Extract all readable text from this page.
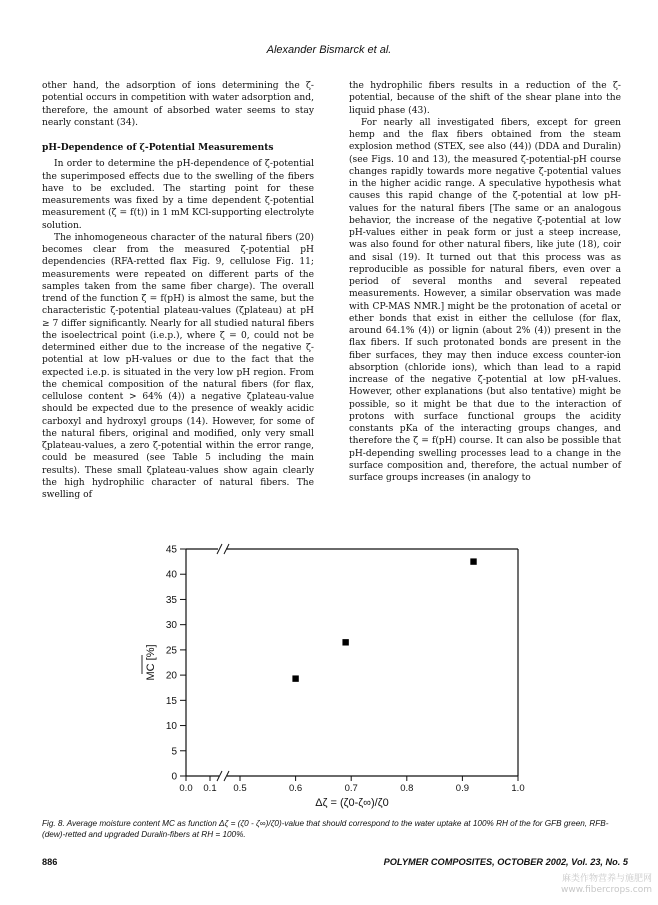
Alexander Bismarck et al.

other hand, the adsorption of ions determining the ζ-potential occurs in competition with water adsorption and, therefore, the amount of absorbed water seems to stay nearly constant (34).

pH-Dependence of ζ-Potential Measurements

In order to determine the pH-dependence of ζ-potential the superimposed effects due to the swelling of the fibers have to be excluded. The starting point for these measurements was fixed by a time dependent ζ-potential measurement (ζ = f(t)) in 1 mM KCl-supporting electrolyte solution.

The inhomogeneous character of the natural fibers (20) becomes clear from the measured ζ-potential pH dependencies (RFA-retted flax Fig. 9, cellulose Fig. 11; measurements were repeated on different parts of the samples taken from the same fiber charge). The overall trend of the function ζ = f(pH) is almost the same, but the characteristic ζ-potential plateau-values (ζplateau) at pH ≥ 7 differ significantly. Nearly for all studied natural fibers the isoelectrical point (i.e.p.), where ζ = 0, could not be determined either due to the increase of the negative ζ-potential at low pH-values or due to the fact that the expected i.e.p. is situated in the very low pH region. From the chemical composition of the natural fibers (for flax, cellulose content > 64% (4)) a negative ζplateau-value should be expected due to the presence of weakly acidic carboxyl and hydroxyl groups (14). However, for some of the natural fibers, original and modified, only very small ζplateau-values, a zero ζ-potential within the error range, could be measured (see Table 5 including the main results). These small ζplateau-values show again clearly the high hydrophilic character of natural fibers. The swelling of

the hydrophilic fibers results in a reduction of the ζ-potential, because of the shift of the shear plane into the liquid phase (43).

For nearly all investigated fibers, except for green hemp and the flax fibers obtained from the steam explosion method (STEX, see also (44)) (DDA and Duralin) (see Figs. 10 and 13), the measured ζ-potential-pH course changes rapidly towards more negative ζ-potential values in the higher acidic range. A speculative hypothesis what causes this rapid change of the ζ-potential at low pH-values for the natural fibers [The same or an analogous behavior, the increase of the negative ζ-potential at low pH-values either in peak form or just a steep increase, was also found for other natural fibers, like jute (18), coir and sisal (19). It turned out that this process was as reproducible as possible for natural fibers, even over a period of several months and several repeated measurements. However, a similar observation was made with CP-MAS NMR.] might be the protonation of acetal or ether bonds that exist in either the cellulose (for flax, around 64.1% (4)) or lignin (about 2% (4)) present in the flax fibers. If such protonated bonds are present in the fiber surfaces, they may then induce excess counter-ion absorption (chloride ions), which than lead to a rapid increase of the negative ζ-potential at low pH-values. However, other explanations (but also tentative) might be possible, so it might be that due to the interaction of protons with surface functional groups the acidity constants pKa of the interacting groups changes, and therefore the ζ = f(pH) course. It can also be possible that pH-depending swelling processes lead to a change in the surface composition and, therefore, the actual number of surface groups increases (in analogy to

0
5
10
15
20
25
30
35
40
45
0.0 0.1 0.5	0.6	0.7	0.8	0.9	1.0
MC [%]
Δζ = (ζ0-ζ∞)/ζ0
Fig. 8. Average moisture content MC as function Δζ = (ζ0 - ζ∞)/ζ0)-value that should correspond to the water uptake at 100% RH of the for GFB green, RFB-(dew)-retted and upgraded Duralin-fibers at RH = 100%.
886	POLYMER COMPOSITES, OCTOBER 2002, Vol. 23, No. 5
麻类作物营养与施肥网
www.fibercrops.com
